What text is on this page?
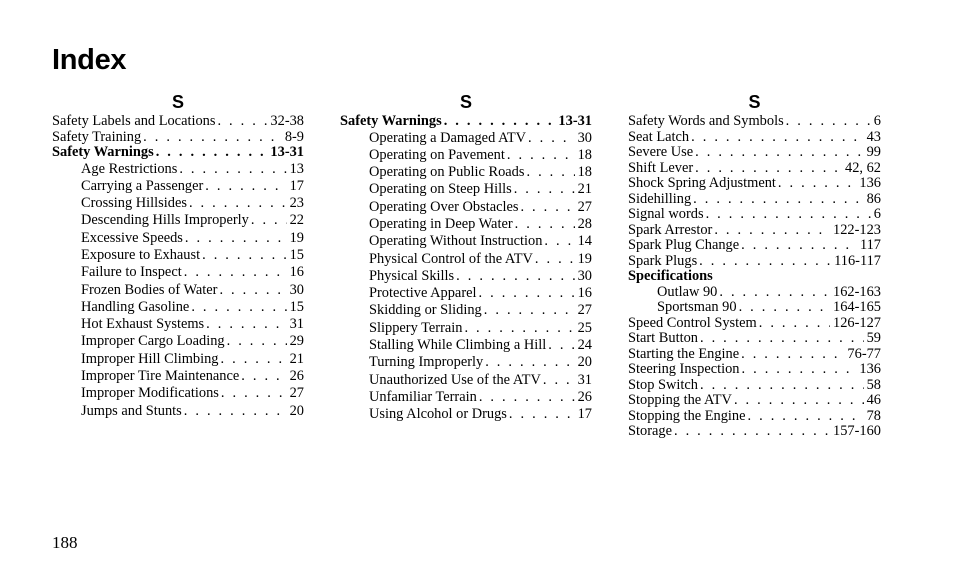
Index
S
Safety Labels and Locations . . .	32-38
Safety Training . . .	8-9
Safety Warnings . . .	13-31
Age Restrictions . . .	13
Carrying a Passenger . . .	17
Crossing Hillsides . . .	23
Descending Hills Improperly . . .	22
Excessive Speeds . . .	19
Exposure to Exhaust . . .	15
Failure to Inspect . . .	16
Frozen Bodies of Water . . .	30
Handling Gasoline . . .	15
Hot Exhaust Systems . . .	31
Improper Cargo Loading . . .	29
Improper Hill Climbing . . .	21
Improper Tire Maintenance . . .	26
Improper Modifications . . .	27
Jumps and Stunts . . .	20
S
Safety Warnings . . .	13-31
Operating a Damaged ATV . . .	30
Operating on Pavement . . .	18
Operating on Public Roads . . .	18
Operating on Steep Hills . . .	21
Operating Over Obstacles . . .	27
Operating in Deep Water . . .	28
Operating Without Instruction . . . 14
Physical Control of the ATV . . .	19
Physical Skills . . .	30
Protective Apparel . . .	16
Skidding or Sliding . . .	27
Slippery Terrain . . .	25
Stalling While Climbing a Hill . . . 24
Turning Improperly . . .	20
Unauthorized Use of the ATV . . .	31
Unfamiliar Terrain . . .	26
Using Alcohol or Drugs . . .	17
S
Safety Words and Symbols . . .	6
Seat Latch . . .	43
Severe Use . . .	99
Shift Lever . . .	42, 62
Shock Spring Adjustment . . .	136
Sidehilling . . .	86
Signal words . . .	6
Spark Arrestor . . .	122-123
Spark Plug Change . . .	117
Spark Plugs . . .	116-117
Specifications
Outlaw 90 . . .	162-163
Sportsman 90 . . .	164-165
Speed Control System . . .	126-127
Start Button . . .	59
Starting the Engine . . .	76-77
Steering Inspection . . .	136
Stop Switch . . .	58
Stopping the ATV . . .	46
Stopping the Engine . . .	78
Storage . . .	157-160
188
